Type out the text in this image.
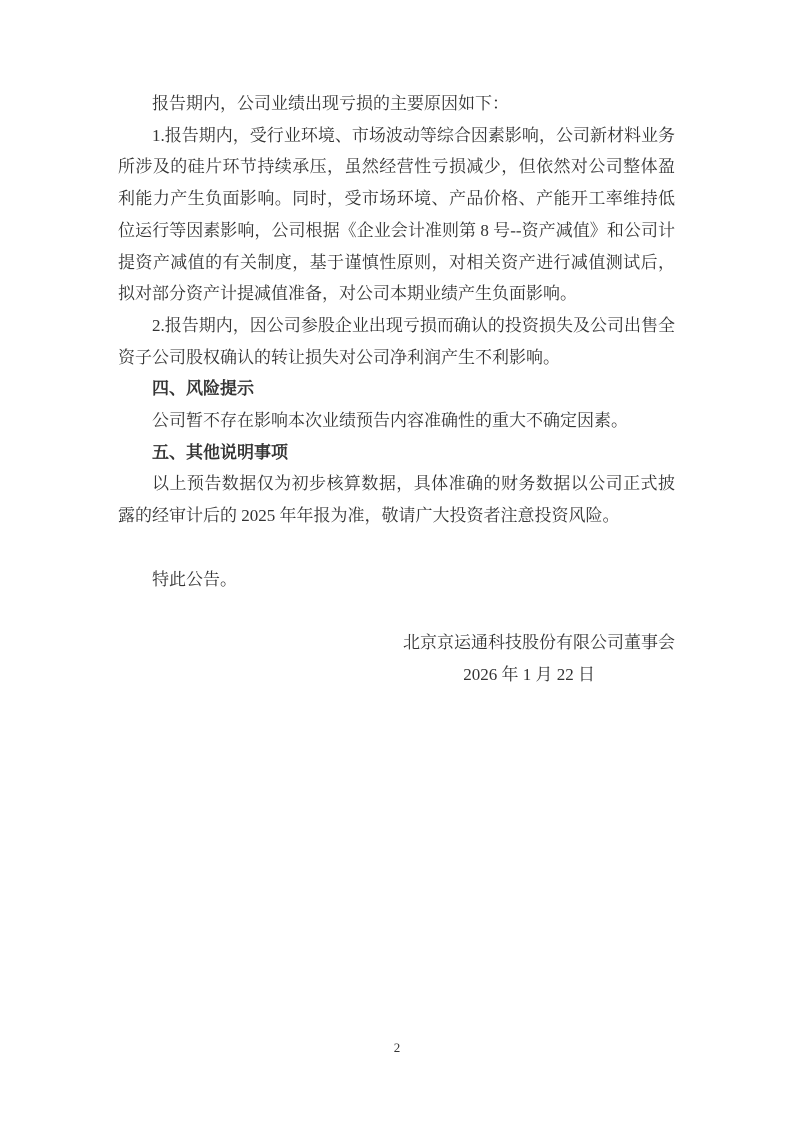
报告期内，公司业绩出现亏损的主要原因如下：

1.报告期内，受行业环境、市场波动等综合因素影响，公司新材料业务所涉及的硅片环节持续承压，虽然经营性亏损减少，但依然对公司整体盈利能力产生负面影响。同时，受市场环境、产品价格、产能开工率维持低位运行等因素影响，公司根据《企业会计准则第 8 号--资产减值》和公司计提资产减值的有关制度，基于谨慎性原则，对相关资产进行减值测试后，拟对部分资产计提减值准备，对公司本期业绩产生负面影响。

2.报告期内，因公司参股企业出现亏损而确认的投资损失及公司出售全资子公司股权确认的转让损失对公司净利润产生不利影响。

四、风险提示

公司暂不存在影响本次业绩预告内容准确性的重大不确定因素。

五、其他说明事项

以上预告数据仅为初步核算数据，具体准确的财务数据以公司正式披露的经审计后的 2025 年年报为准，敬请广大投资者注意投资风险。

特此公告。

北京京运通科技股份有限公司董事会

2026 年 1 月 22 日

2
